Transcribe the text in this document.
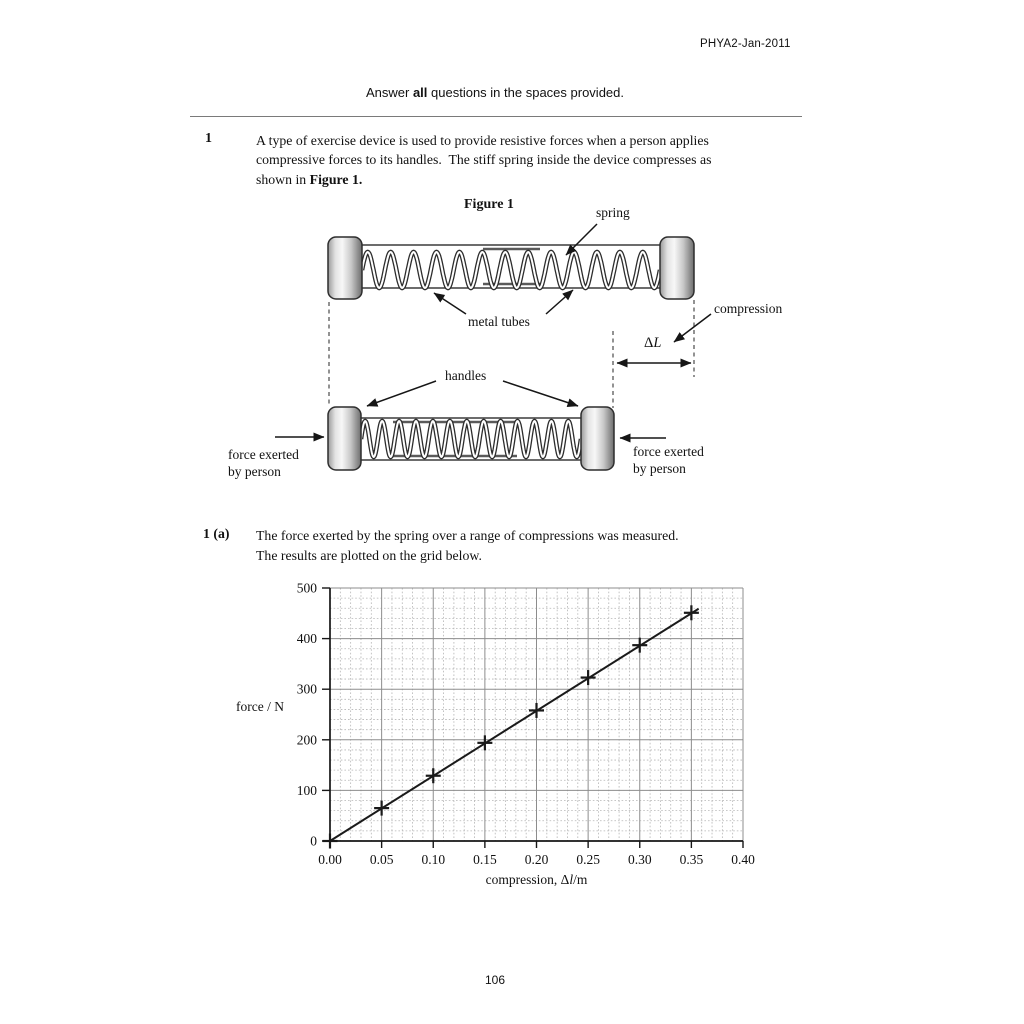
PHYA2-Jan-2011
Answer all questions in the spaces provided.
1	A type of exercise device is used to provide resistive forces when a person applies
compressive forces to its handles.  The stiff spring inside the device compresses as
shown in Figure 1.
Figure 1
spring
metal tubes
compression
ΔL
handles
force exerted
by person
force exerted
by person
1 (a) The force exerted by the spring over a range of compressions was measured.
The results are plotted on the grid below.
0
100
200
300
400
500
0.00 0.05 0.10 0.15 0.20 0.25 0.30 0.35 0.40
force / N
compression, Δl/m
106
